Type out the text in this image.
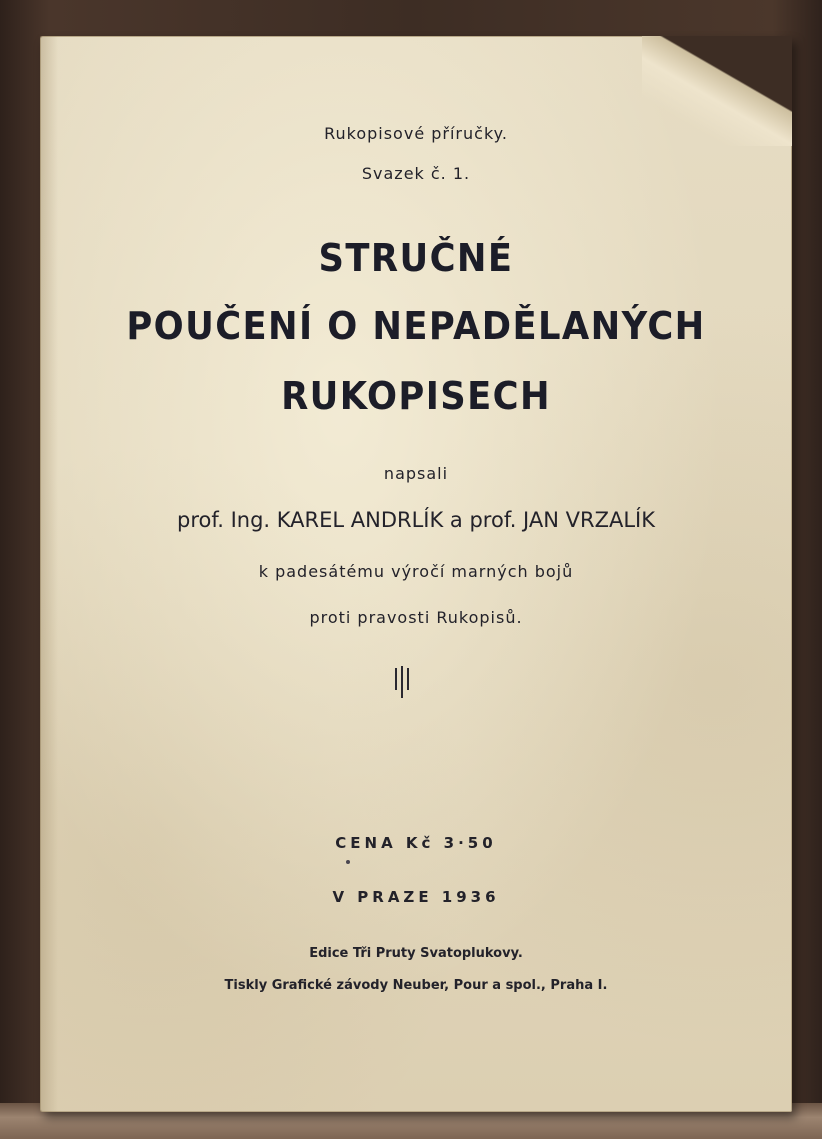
Rukopisové příručky.
Svazek č. 1.
STRUČNÉ
POUČENÍ O NEPADĚLANÝCH
RUKOPISECH
napsali
prof. Ing. KAREL ANDRLÍK a prof. JAN VRZALÍK
k padesátému výročí marných bojů
proti pravosti Rukopisů.
CENA Kč 3·50
V PRAZE 1936
Edice Tři Pruty Svatoplukovy.
Tiskly Grafické závody Neuber, Pour a spol., Praha I.
